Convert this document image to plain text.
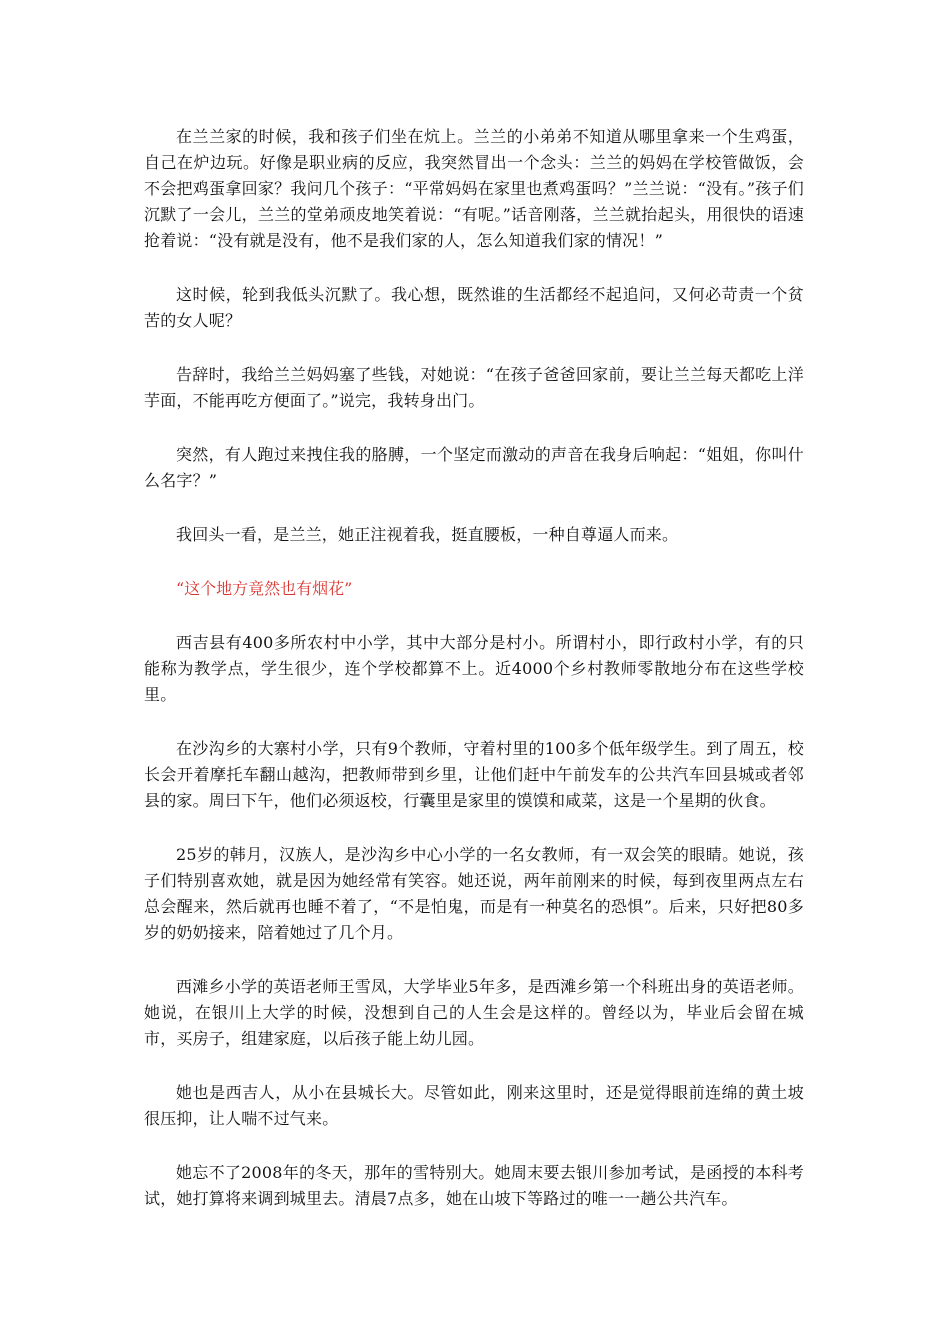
在兰兰家的时候，我和孩子们坐在炕上。兰兰的小弟弟不知道从哪里拿来一个生鸡蛋，自己在炉边玩。好像是职业病的反应，我突然冒出一个念头：兰兰的妈妈在学校管做饭，会不会把鸡蛋拿回家？我问几个孩子：“平常妈妈在家里也煮鸡蛋吗？”兰兰说：“没有。”孩子们沉默了一会儿，兰兰的堂弟顽皮地笑着说：“有呢。”话音刚落，兰兰就抬起头，用很快的语速抢着说：“没有就是没有，他不是我们家的人，怎么知道我们家的情况！”

这时候，轮到我低头沉默了。我心想，既然谁的生活都经不起追问，又何必苛责一个贫苦的女人呢？

告辞时，我给兰兰妈妈塞了些钱，对她说：“在孩子爸爸回家前，要让兰兰每天都吃上洋芋面，不能再吃方便面了。”说完，我转身出门。

突然，有人跑过来拽住我的胳膊，一个坚定而激动的声音在我身后响起：“姐姐，你叫什么名字？”

我回头一看，是兰兰，她正注视着我，挺直腰板，一种自尊逼人而来。

“这个地方竟然也有烟花”

西吉县有400多所农村中小学，其中大部分是村小。所谓村小，即行政村小学，有的只能称为教学点，学生很少，连个学校都算不上。近4000个乡村教师零散地分布在这些学校里。

在沙沟乡的大寨村小学，只有9个教师，守着村里的100多个低年级学生。到了周五，校长会开着摩托车翻山越沟，把教师带到乡里，让他们赶中午前发车的公共汽车回县城或者邻县的家。周曰下午，他们必须返校，行囊里是家里的馍馍和咸菜，这是一个星期的伙食。

25岁的韩月，汉族人，是沙沟乡中心小学的一名女教师，有一双会笑的眼睛。她说，孩子们特别喜欢她，就是因为她经常有笑容。她还说，两年前刚来的时候，每到夜里两点左右总会醒来，然后就再也睡不着了，“不是怕鬼，而是有一种莫名的恐惧”。后来，只好把80多岁的奶奶接来，陪着她过了几个月。

西滩乡小学的英语老师王雪凤，大学毕业5年多，是西滩乡第一个科班出身的英语老师。她说，在银川上大学的时候，没想到自己的人生会是这样的。曾经以为，毕业后会留在城市，买房子，组建家庭，以后孩子能上幼儿园。

她也是西吉人，从小在县城长大。尽管如此，刚来这里时，还是觉得眼前连绵的黄土坡很压抑，让人喘不过气来。

她忘不了2008年的冬天，那年的雪特别大。她周末要去银川参加考试，是函授的本科考试，她打算将来调到城里去。清晨7点多，她在山坡下等路过的唯一一趟公共汽车。
